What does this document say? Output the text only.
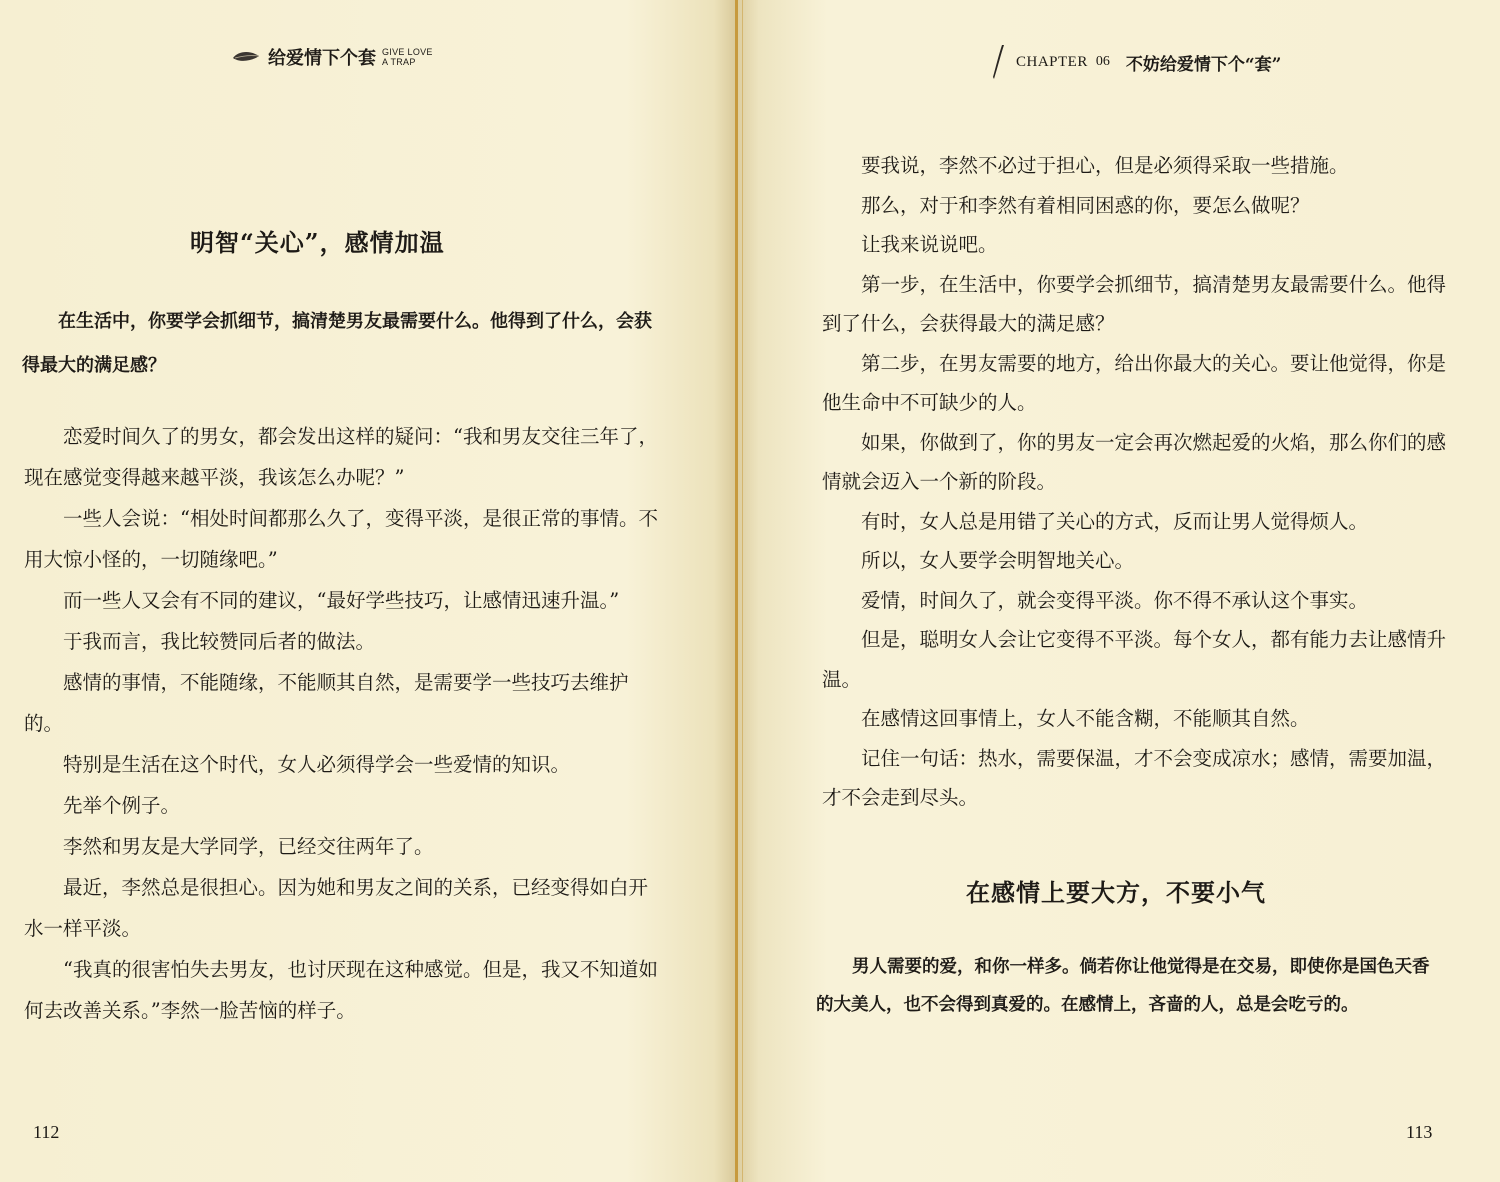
给爱情下个套 GIVE LOVE
A TRAP
明智“关心”，感情加温

在生活中，你要学会抓细节，搞清楚男友最需要什么。他得到了什么，会获得最大的满足感？

恋爱时间久了的男女，都会发出这样的疑问：“我和男友交往三年了，现在感觉变得越来越平淡，我该怎么办呢？”

一些人会说：“相处时间都那么久了，变得平淡，是很正常的事情。不用大惊小怪的，一切随缘吧。”

而一些人又会有不同的建议，“最好学些技巧，让感情迅速升温。”

于我而言，我比较赞同后者的做法。

感情的事情，不能随缘，不能顺其自然，是需要学一些技巧去维护的。

特别是生活在这个时代，女人必须得学会一些爱情的知识。

先举个例子。

李然和男友是大学同学，已经交往两年了。

最近，李然总是很担心。因为她和男友之间的关系，已经变得如白开水一样平淡。

“我真的很害怕失去男友，也讨厌现在这种感觉。但是，我又不知道如何去改善关系。”李然一脸苦恼的样子。

112
CHAPTER 06 不妨给爱情下个“套”

要我说，李然不必过于担心，但是必须得采取一些措施。

那么，对于和李然有着相同困惑的你，要怎么做呢？

让我来说说吧。

第一步，在生活中，你要学会抓细节，搞清楚男友最需要什么。他得到了什么，会获得最大的满足感？

第二步，在男友需要的地方，给出你最大的关心。要让他觉得，你是他生命中不可缺少的人。

如果，你做到了，你的男友一定会再次燃起爱的火焰，那么你们的感情就会迈入一个新的阶段。

有时，女人总是用错了关心的方式，反而让男人觉得烦人。

所以，女人要学会明智地关心。

爱情，时间久了，就会变得平淡。你不得不承认这个事实。

但是，聪明女人会让它变得不平淡。每个女人，都有能力去让感情升温。

在感情这回事情上，女人不能含糊，不能顺其自然。

记住一句话：热水，需要保温，才不会变成凉水；感情，需要加温，才不会走到尽头。

在感情上要大方，不要小气

男人需要的爱，和你一样多。倘若你让他觉得是在交易，即使你是国色天香的大美人，也不会得到真爱的。在感情上，吝啬的人，总是会吃亏的。

113
